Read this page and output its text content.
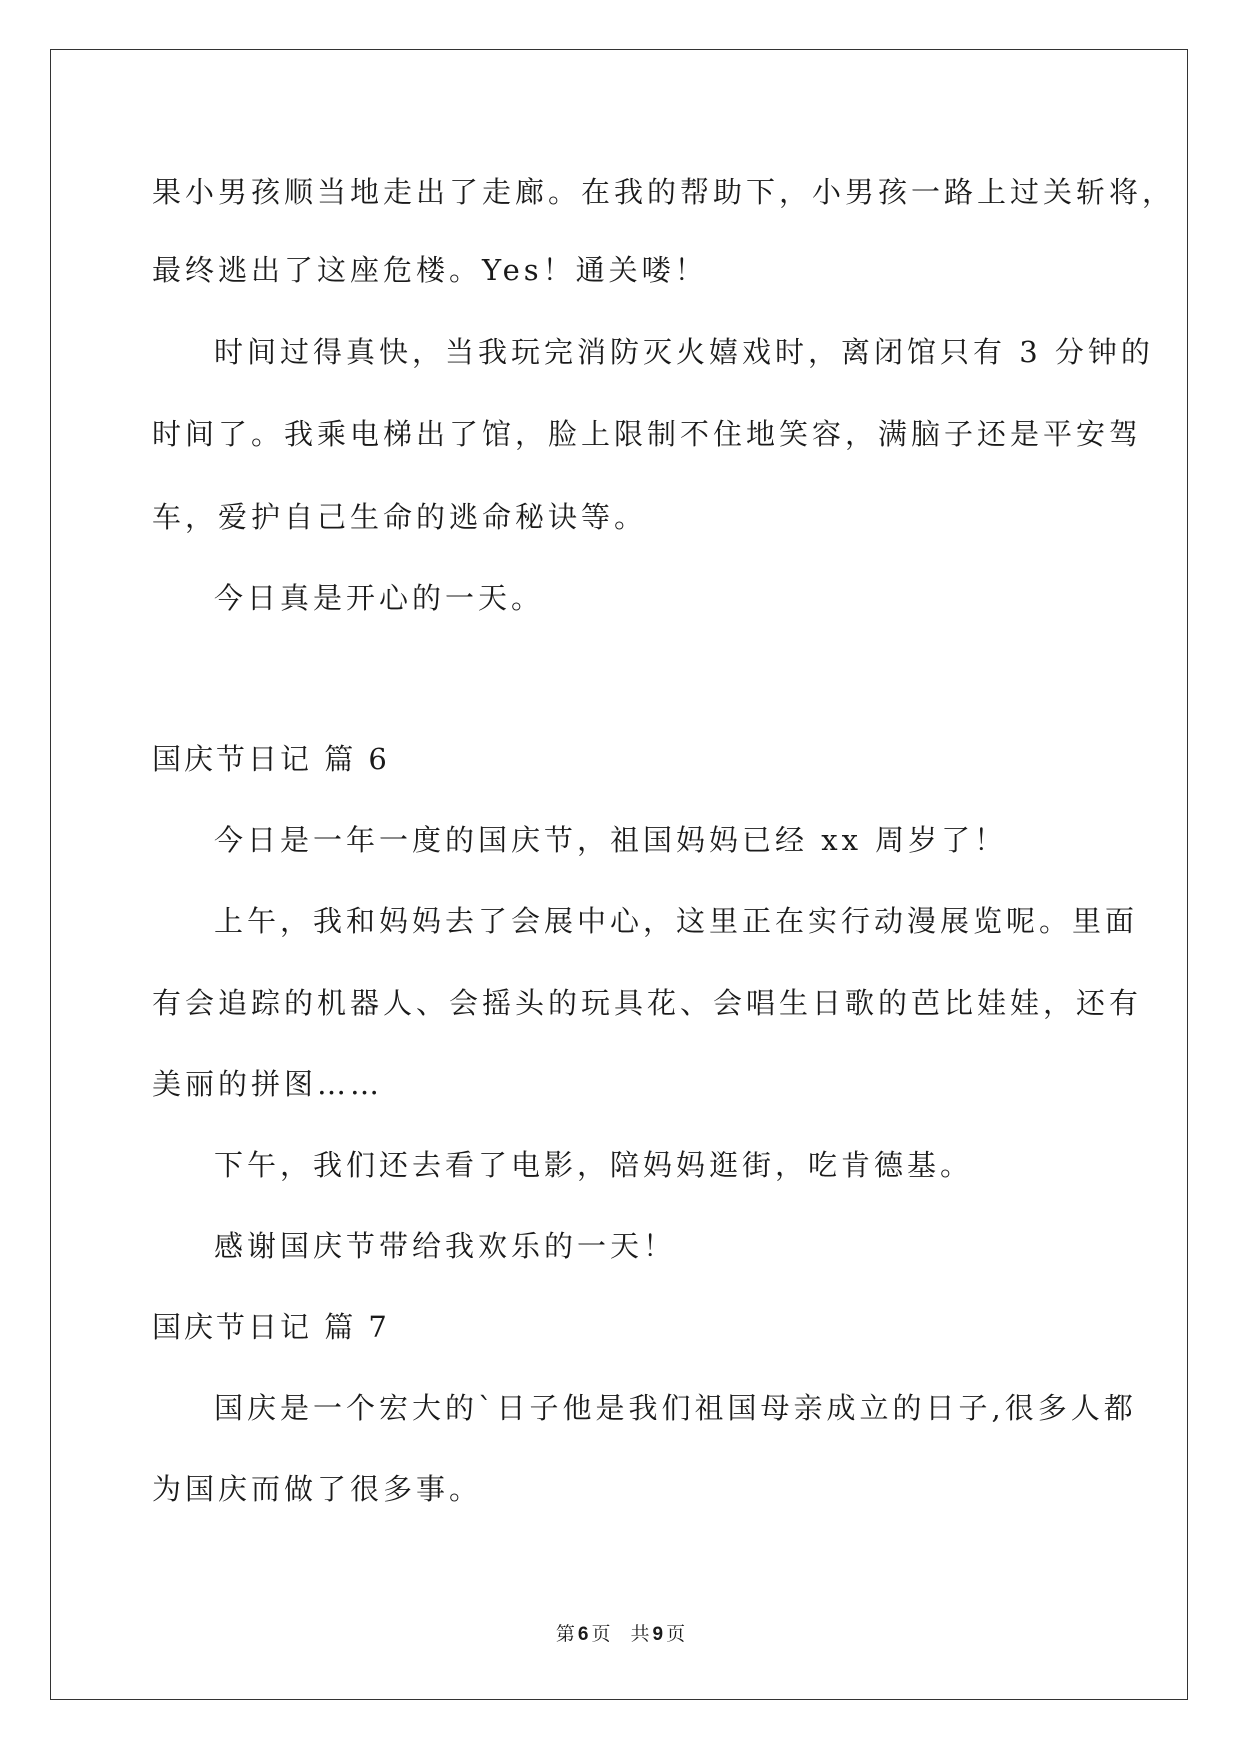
果小男孩顺当地走出了走廊。在我的帮助下，小男孩一路上过关斩将，
最终逃出了这座危楼。Yes！通关喽！
时间过得真快，当我玩完消防灭火嬉戏时，离闭馆只有 3 分钟的
时间了。我乘电梯出了馆，脸上限制不住地笑容，满脑子还是平安驾
车，爱护自己生命的逃命秘诀等。
今日真是开心的一天。
国庆节日记 篇 6
今日是一年一度的国庆节，祖国妈妈已经 xx 周岁了！
上午，我和妈妈去了会展中心，这里正在实行动漫展览呢。里面
有会追踪的机器人、会摇头的玩具花、会唱生日歌的芭比娃娃，还有
美丽的拼图……
下午，我们还去看了电影，陪妈妈逛街，吃肯德基。
感谢国庆节带给我欢乐的一天！
国庆节日记 篇 7
国庆是一个宏大的`日子他是我们祖国母亲成立的日子,很多人都
为国庆而做了很多事。
第 6 页 共 9 页
